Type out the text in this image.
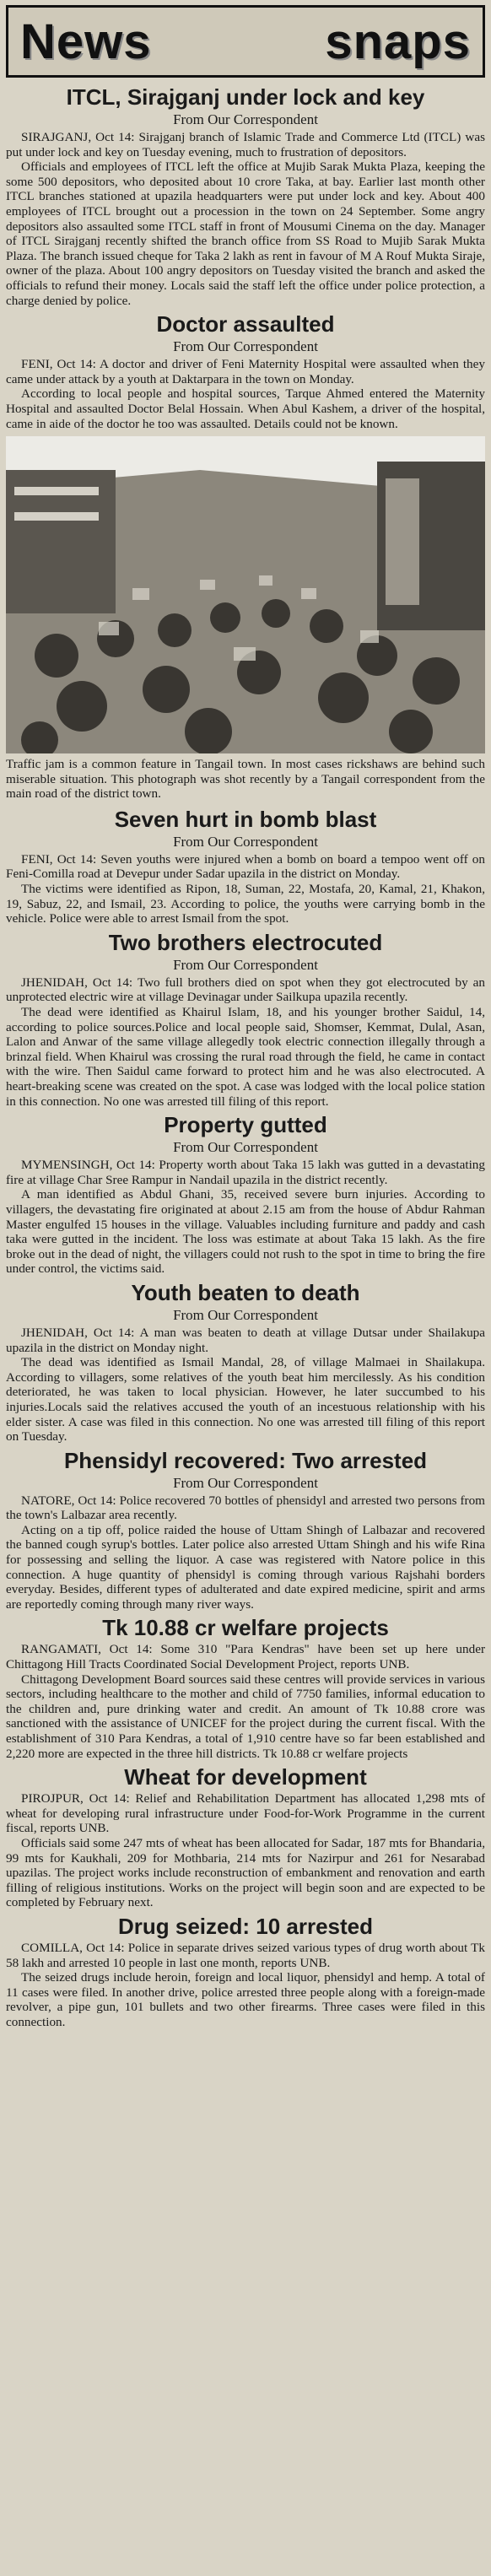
News	snaps
ITCL, Sirajganj under lock and key
From Our Correspondent

SIRAJGANJ, Oct 14: Sirajganj branch of Islamic Trade and Commerce Ltd (ITCL) was put under lock and key on Tuesday evening, much to frustration of depositors.

Officials and employees of ITCL left the office at Mujib Sarak Mukta Plaza, keeping the some 500 depositors, who deposited about 10 crore Taka, at bay. Earlier last month other ITCL branches stationed at upazila headquarters were put under lock and key. About 400 employees of ITCL brought out a procession in the town on 24 September. Some angry depositors also assaulted some ITCL staff in front of Mousumi Cinema on the day. Manager of ITCL Sirajganj recently shifted the branch office from SS Road to Mujib Sarak Mukta Plaza. The branch issued cheque for Taka 2 lakh as rent in favour of M A Rouf Mukta Siraje, owner of the plaza. About 100 angry depositors on Tuesday visited the branch and asked the officials to refund their money. Locals said the staff left the office under police protection, a charge denied by police.

Doctor assaulted
From Our Correspondent

FENI, Oct 14: A doctor and driver of Feni Maternity Hospital were assaulted when they came under attack by a youth at Daktarpara in the town on Monday.

According to local people and hospital sources, Tarque Ahmed entered the Maternity Hospital and assaulted Doctor Belal Hossain. When Abul Kashem, a driver of the hospital, came in aide of the doctor he too was assaulted. Details could not be known.

Traffic jam is a common feature in Tangail town. In most cases rickshaws are behind such miserable situation. This photograph was shot recently by a Tangail correspondent from the main road of the district town.
Seven hurt in bomb blast
From Our Correspondent

FENI, Oct 14: Seven youths were injured when a bomb on board a tempoo went off on Feni-Comilla road at Devepur under Sadar upazila in the district on Monday.

The victims were identified as Ripon, 18, Suman, 22, Mostafa, 20, Kamal, 21, Khakon, 19, Sabuz, 22, and Ismail, 23. According to police, the youths were carrying bomb in the vehicle. Police were able to arrest Ismail from the spot.

Two brothers electrocuted
From Our Correspondent

JHENIDAH, Oct 14: Two full brothers died on spot when they got electrocuted by an unprotected electric wire at village Devinagar under Sailkupa upazila recently.

The dead were identified as Khairul Islam, 18, and his younger brother Saidul, 14, according to police sources.Police and local people said, Shomser, Kemmat, Dulal, Asan, Lalon and Anwar of the same village allegedly took electric connection illegally through a brinzal field. When Khairul was crossing the rural road through the field, he came in contact with the wire. Then Saidul came forward to protect him and he was also electrocuted. A heart-breaking scene was created on the spot. A case was lodged with the local police station in this connection. No one was arrested till filing of this report.

Property gutted
From Our Correspondent

MYMENSINGH, Oct 14: Property worth about Taka 15 lakh was gutted in a devastating fire at village Char Sree Rampur in Nandail upazila in the district recently.

A man identified as Abdul Ghani, 35, received severe burn injuries. According to villagers, the devastating fire originated at about 2.15 am from the house of Abdur Rahman Master engulfed 15 houses in the village. Valuables including furniture and paddy and cash taka were gutted in the incident. The loss was estimate at about Taka 15 lakh. As the fire broke out in the dead of night, the villagers could not rush to the spot in time to bring the fire under control, the victims said.

Youth beaten to death
From Our Correspondent

JHENIDAH, Oct 14: A man was beaten to death at village Dutsar under Shailakupa upazila in the district on Monday night.

The dead was identified as Ismail Mandal, 28, of village Malmaei in Shailakupa. According to villagers, some relatives of the youth beat him mercilessly. As his condition deteriorated, he was taken to local physician. However, he later succumbed to his injuries.Locals said the relatives accused the youth of an incestuous relationship with his elder sister. A case was filed in this connection. No one was arrested till filing of this report on Tuesday.

Phensidyl recovered: Two arrested
From Our Correspondent

NATORE, Oct 14: Police recovered 70 bottles of phensidyl and arrested two persons from the town's Lalbazar area recently.

Acting on a tip off, police raided the house of Uttam Shingh of Lalbazar and recovered the banned cough syrup's bottles. Later police also arrested Uttam Shingh and his wife Rina for possessing and selling the liquor. A case was registered with Natore police in this connection. A huge quantity of phensidyl is coming through various Rajshahi borders everyday. Besides, different types of adulterated and date expired medicine, spirit and arms are reportedly coming through many river ways.

Tk 10.88 cr welfare projects

RANGAMATI, Oct 14: Some 310 "Para Kendras" have been set up here under Chittagong Hill Tracts Coordinated Social Development Project, reports UNB.

Chittagong Development Board sources said these centres will provide services in various sectors, including healthcare to the mother and child of 7750 families, informal education to the children and, pure drinking water and credit. An amount of Tk 10.88 crore was sanctioned with the assistance of UNICEF for the project during the current fiscal. With the establishment of 310 Para Kendras, a total of 1,910 centre have so far been established and 2,220 more are expected in the three hill districts. Tk 10.88 cr welfare projects

Wheat for development

PIROJPUR, Oct 14: Relief and Rehabilitation Department has allocated 1,298 mts of wheat for developing rural infrastructure under Food-for-Work Programme in the current fiscal, reports UNB.

Officials said some 247 mts of wheat has been allocated for Sadar, 187 mts for Bhandaria, 99 mts for Kaukhali, 209 for Mothbaria, 214 mts for Nazirpur and 261 for Nesarabad upazilas. The project works include reconstruction of embankment and renovation and earth filling of religious institutions. Works on the project will begin soon and are expected to be completed by February next.

Drug seized: 10 arrested

COMILLA, Oct 14: Police in separate drives seized various types of drug worth about Tk 58 lakh and arrested 10 people in last one month, reports UNB.

The seized drugs include heroin, foreign and local liquor, phensidyl and hemp. A total of 11 cases were filed. In another drive, police arrested three people along with a foreign-made revolver, a pipe gun, 101 bullets and two other firearms. Three cases were filed in this connection.
